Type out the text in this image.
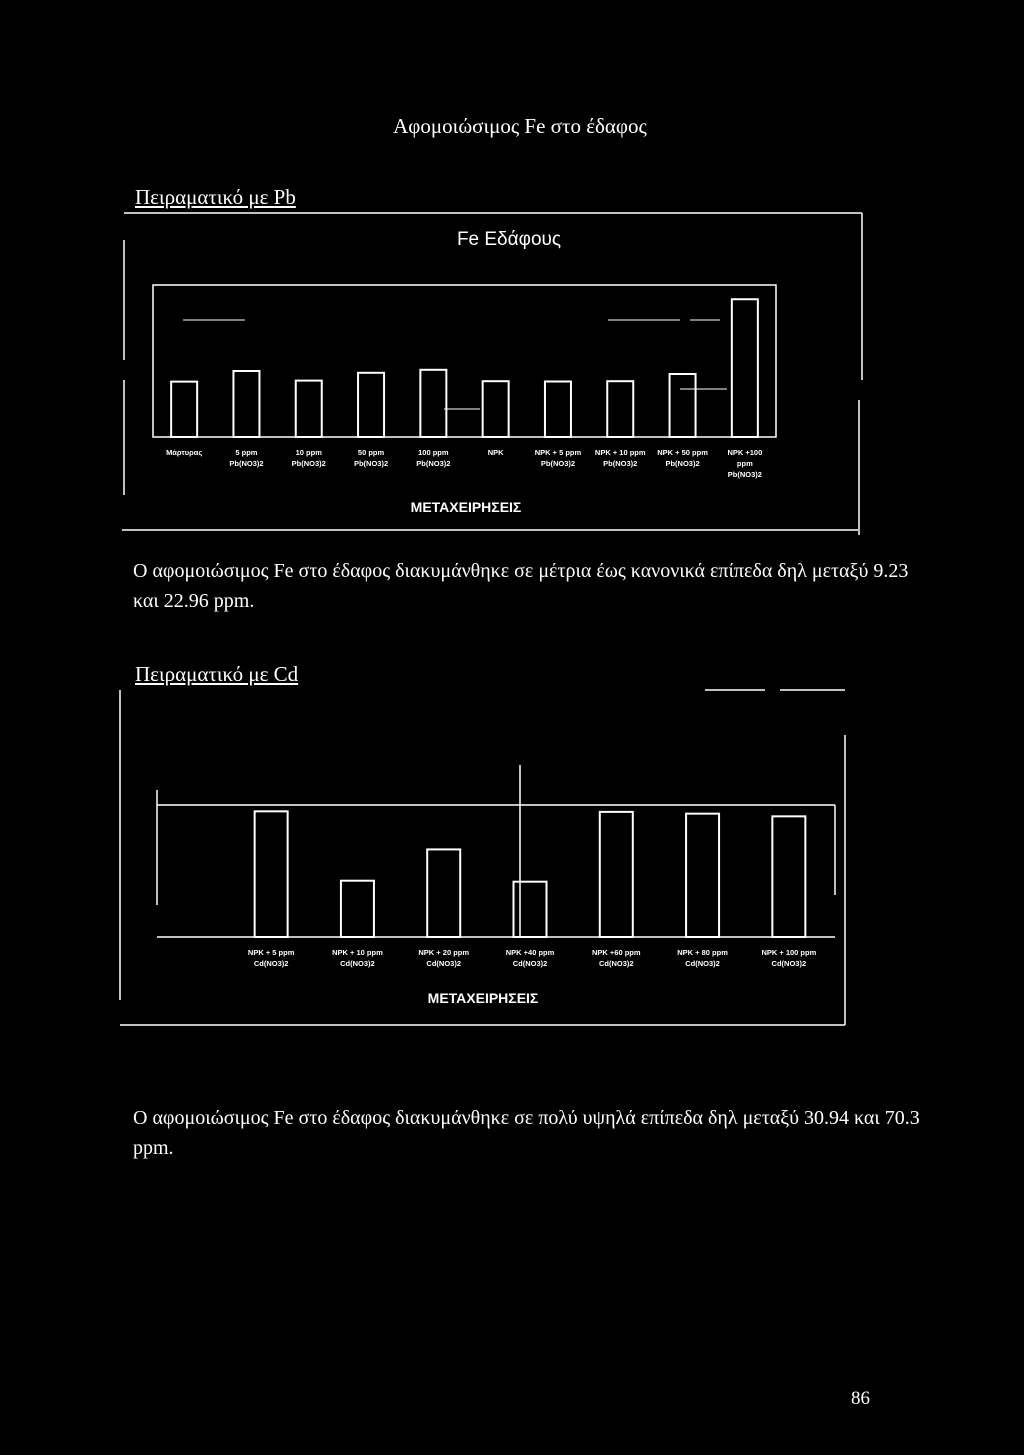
Αφομοιώσιμος Fe στο έδαφος
Πειραματικό με Pb
Fe Εδάφους
Μάρτυρας	5 ppm Pb(NO3)2
10 ppm Pb(NO3)2
50 ppm Pb(NO3)2
100 ppm Pb(NO3)2
NPK	NPK + 5 ppm Pb(NO3)2
NPK + 10 ppm Pb(NO3)2
NPK + 50 ppm Pb(NO3)2
NPK +100 ppm Pb(NO3)2
ΜΕΤΑΧΕΙΡΗΣΕΙΣ
Ο αφομοιώσιμος Fe στο έδαφος διακυμάνθηκε σε μέτρια έως κανονικά επίπεδα δηλ μεταξύ 9.23 και 22.96 ppm.
Πειραματικό με Cd
NPK + 5 ppm Cd(NO3)2
NPK + 10 ppm Cd(NO3)2
NPK + 20 ppm Cd(NO3)2
NPK +40 ppm Cd(NO3)2
NPK +60 ppm Cd(NO3)2
NPK + 80 ppm Cd(NO3)2
NPK + 100 ppm Cd(NO3)2
ΜΕΤΑΧΕΙΡΗΣΕΙΣ
Ο αφομοιώσιμος Fe στο έδαφος διακυμάνθηκε σε πολύ υψηλά επίπεδα δηλ μεταξύ 30.94 και 70.3 ppm.
86
